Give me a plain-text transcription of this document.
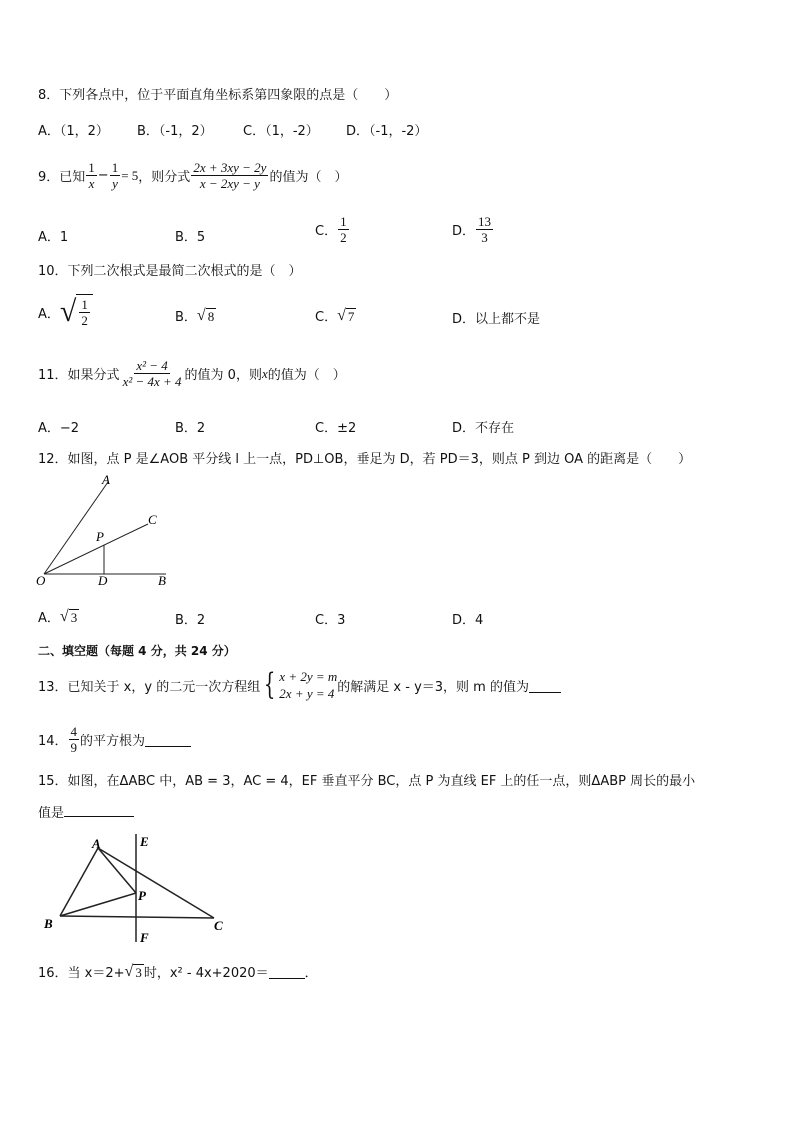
8．下列各点中，位于平面直角坐标系第四象限的点是（　　）
A．（1，2） B．（-1，2） C．（1，-2） D．（-1，-2）
9． 已知 $\frac{1}{x} - \frac{1}{y} = 5$ ，则分式 $\frac{2x + 3xy - 2y}{x - 2xy - y}$ 的值为（　）
A．1	B．5	C． $\frac{1}{2}$	D． $\frac{13}{3}$
10．下列二次根式是最简二次根式的是（　）
A． √ $\frac{1}{2}$	B． √ 8	C． √ 7	D．以上都不是
11． 如果分式 $\frac{\text{x² − 4}}{\text{x² − 4x + 4}}$ 的值为 0，则 x 的值为（　）
A．−2	B．2	C．±2	D．不存在
12．如图，点 P 是∠AOB 平分线 l 上一点，PD⊥OB，垂足为 D，若 PD＝3，则点 P 到边 OA 的距离是（　　）
A
C
P
O	D	B
A． √ 3	B．2	C．3	D．4
二、填空题（每题 4 分，共 24 分）
13． 已知关于 x，y 的二元一次方程组 { x + 2y = m
2x + y = 4 的解满足 x - y＝3，则 m 的值为
14． $\frac{4}{9}$ 的平方根为
15．如图，在ΔABC 中，AB = 3，AC = 4，EF 垂直平分 BC，点 P 为直线 EF 上的任一点，则ΔABP 周长的最小
值是
A	E
P
B	C
F
16． 当 x＝2+ √ 3 时，x² - 4x+2020＝	．
